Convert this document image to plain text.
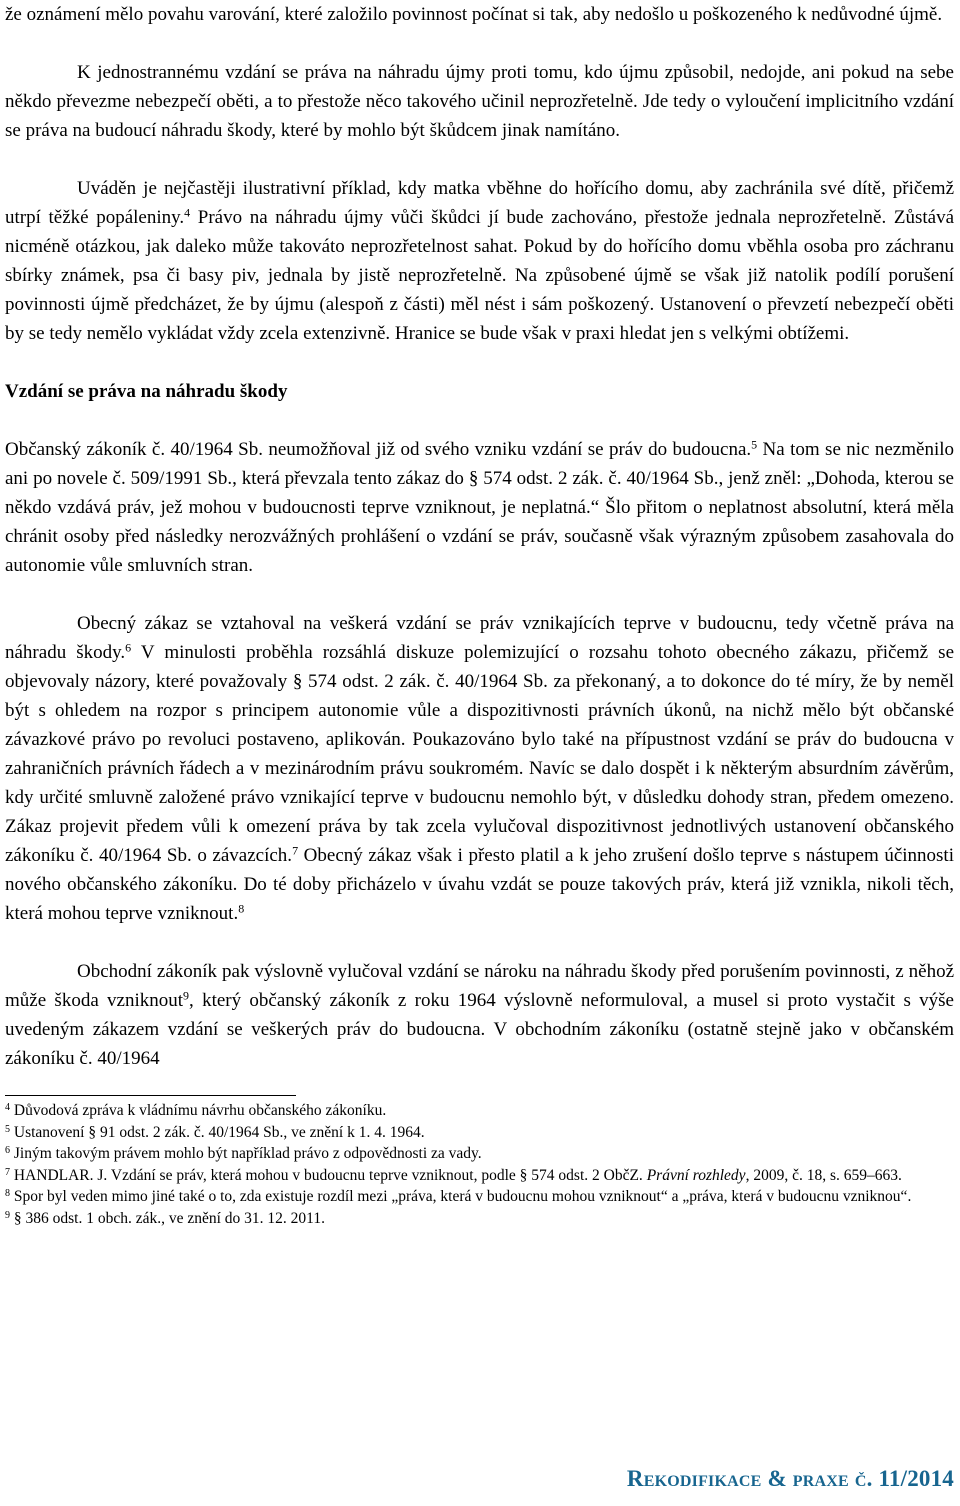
že oznámení mělo povahu varování, které založilo povinnost počínat si tak, aby nedošlo u poškozeného k nedůvodné újmě.

K jednostrannému vzdání se práva na náhradu újmy proti tomu, kdo újmu způsobil, nedojde, ani pokud na sebe někdo převezme nebezpečí oběti, a to přestože něco takového učinil neprozřetelně. Jde tedy o vyloučení implicitního vzdání se práva na budoucí náhradu škody, které by mohlo být škůdcem jinak namítáno.

Uváděn je nejčastěji ilustrativní příklad, kdy matka vběhne do hořícího domu, aby zachránila své dítě, přičemž utrpí těžké popáleniny.$^4$ Právo na náhradu újmy vůči škůdci jí bude zachováno, přestože jednala neprozřetelně. Zůstává nicméně otázkou, jak daleko může takováto neprozřetelnost sahat. Pokud by do hořícího domu vběhla osoba pro záchranu sbírky známek, psa či basy piv, jednala by jistě neprozřetelně. Na způsobené újmě se však již natolik podílí porušení povinnosti újmě předcházet, že by újmu (alespoň z části) měl nést i sám poškozený. Ustanovení o převzetí nebezpečí oběti by se tedy nemělo vykládat vždy zcela extenzivně. Hranice se bude však v praxi hledat jen s velkými obtížemi.

Vzdání se práva na náhradu škody

Občanský zákoník č. 40/1964 Sb. neumožňoval již od svého vzniku vzdání se práv do budoucna.$^5$ Na tom se nic nezměnilo ani po novele č. 509/1991 Sb., která převzala tento zákaz do § 574 odst. 2 zák. č. 40/1964 Sb., jenž zněl: „Dohoda, kterou se někdo vzdává práv, jež mohou v budoucnosti teprve vzniknout, je neplatná.“ Šlo přitom o neplatnost absolutní, která měla chránit osoby před následky nerozvážných prohlášení o vzdání se práv, současně však výrazným způsobem zasahovala do autonomie vůle smluvních stran.

Obecný zákaz se vztahoval na veškerá vzdání se práv vznikajících teprve v budoucnu, tedy včetně práva na náhradu škody.$^6$ V minulosti proběhla rozsáhlá diskuze polemizující o rozsahu tohoto obecného zákazu, přičemž se objevovaly názory, které považovaly § 574 odst. 2 zák. č. 40/1964 Sb. za překonaný, a to dokonce do té míry, že by neměl být s ohledem na rozpor s principem autonomie vůle a dispozitivnosti právních úkonů, na nichž mělo být občanské závazkové právo po revoluci postaveno, aplikován. Poukazováno bylo také na přípustnost vzdání se práv do budoucna v zahraničních právních řádech a v mezinárodním právu soukromém. Navíc se dalo dospět i k některým absurdním závěrům, kdy určité smluvně založené právo vznikající teprve v budoucnu nemohlo být, v důsledku dohody stran, předem omezeno. Zákaz projevit předem vůli k omezení práva by tak zcela vylučoval dispozitivnost jednotlivých ustanovení občanského zákoníku č. 40/1964 Sb. o závazcích.$^7$ Obecný zákaz však i přesto platil a k jeho zrušení došlo teprve s nástupem účinnosti nového občanského zákoníku. Do té doby přicházelo v úvahu vzdát se pouze takových práv, která již vznikla, nikoli těch, která mohou teprve vzniknout.$^8$

Obchodní zákoník pak výslovně vylučoval vzdání se nároku na náhradu škody před porušením povinnosti, z něhož může škoda vzniknout$^9$, který občanský zákoník z roku 1964 výslovně neformuloval, a musel si proto vystačit s výše uvedeným zákazem vzdání se veškerých práv do budoucna. V obchodním zákoníku (ostatně stejně jako v občanském zákoníku č. 40/1964

$^4$ Důvodová zpráva k vládnímu návrhu občanského zákoníku.

$^5$ Ustanovení § 91 odst. 2 zák. č. 40/1964 Sb., ve znění k 1. 4. 1964.

$^6$ Jiným takovým právem mohlo být například právo z odpovědnosti za vady.

$^7$ HANDLAR. J. Vzdání se práv, která mohou v budoucnu teprve vzniknout, podle § 574 odst. 2 ObčZ. Právní rozhledy, 2009, č. 18, s. 659–663.

$^8$ Spor byl veden mimo jiné také o to, zda existuje rozdíl mezi „práva, která v budoucnu mohou vzniknout“ a „práva, která v budoucnu vzniknou“.

$^9$ § 386 odst. 1 obch. zák., ve znění do 31. 12. 2011.

Rekodifikace & praxe č. 11/2014
